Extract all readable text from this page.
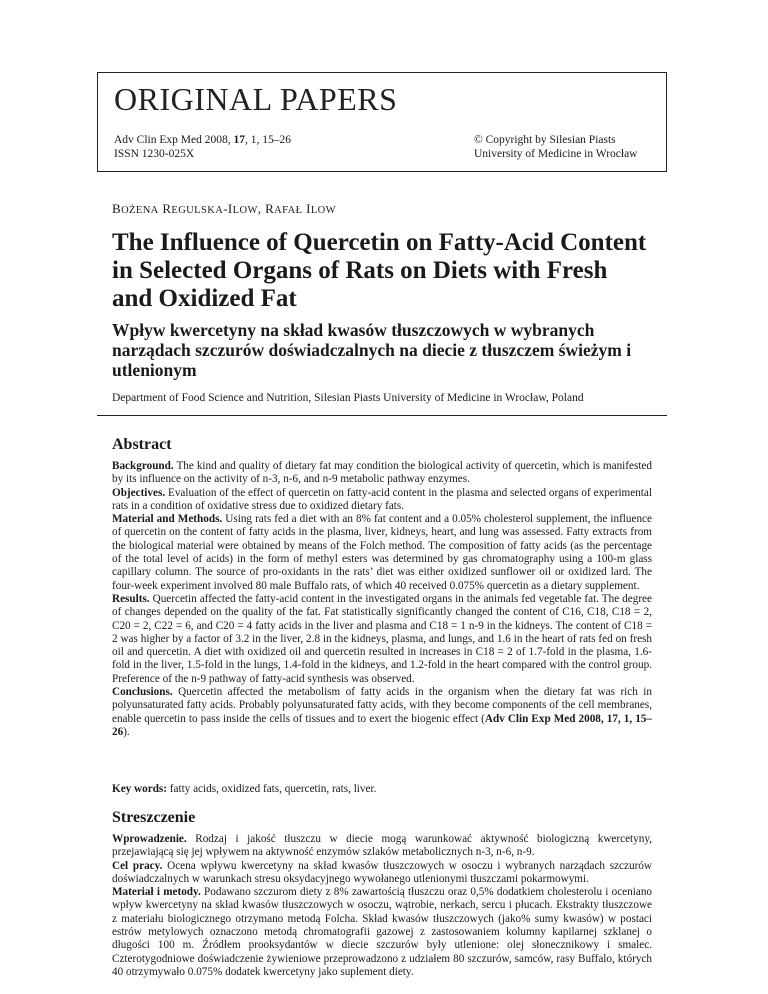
ORIGINAL PAPERS
Adv Clin Exp Med 2008, 17, 1, 15–26
ISSN 1230-025X
© Copyright by Silesian Piasts
University of Medicine in Wrocław
BOŻENA REGULSKA-ILOW, RAFAŁ ILOW
The Influence of Quercetin on Fatty-Acid Content in Selected Organs of Rats on Diets with Fresh and Oxidized Fat
Wpływ kwercetyny na skład kwasów tłuszczowych w wybranych narządach szczurów doświadczalnych na diecie z tłuszczem świeżym i utlenionym
Department of Food Science and Nutrition, Silesian Piasts University of Medicine in Wrocław, Poland
Abstract

Background. The kind and quality of dietary fat may condition the biological activity of quercetin, which is manifested by its influence on the activity of n-3, n-6, and n-9 metabolic pathway enzymes.

Objectives. Evaluation of the effect of quercetin on fatty-acid content in the plasma and selected organs of experimental rats in a condition of oxidative stress due to oxidized dietary fats.

Material and Methods. Using rats fed a diet with an 8% fat content and a 0.05% cholesterol supplement, the influence of quercetin on the content of fatty acids in the plasma, liver, kidneys, heart, and lung was assessed. Fatty extracts from the biological material were obtained by means of the Folch method. The composition of fatty acids (as the percentage of the total level of acids) in the form of methyl esters was determined by gas chromatography using a 100-m glass capillary column. The source of pro-oxidants in the rats’ diet was either oxidized sunflower oil or oxidized lard. The four-week experiment involved 80 male Buffalo rats, of which 40 received 0.075% quercetin as a dietary supplement.

Results. Quercetin affected the fatty-acid content in the investigated organs in the animals fed vegetable fat. The degree of changes depended on the quality of the fat. Fat statistically significantly changed the content of C16, C18, C18 = 2, C20 = 2, C22 = 6, and C20 = 4 fatty acids in the liver and plasma and C18 = 1 n-9 in the kidneys. The content of C18 = 2 was higher by a factor of 3.2 in the liver, 2.8 in the kidneys, plasma, and lungs, and 1.6 in the heart of rats fed on fresh oil and quercetin. A diet with oxidized oil and quercetin resulted in increases in C18 = 2 of 1.7-fold in the plasma, 1.6-fold in the liver, 1.5-fold in the lungs, 1.4-fold in the kidneys, and 1.2-fold in the heart compared with the control group. Preference of the n-9 pathway of fatty-acid synthesis was observed.

Conclusions. Quercetin affected the metabolism of fatty acids in the organism when the dietary fat was rich in polyunsaturated fatty acids. Probably polyunsaturated fatty acids, with they become components of the cell membranes, enable quercetin to pass inside the cells of tissues and to exert the biogenic effect (Adv Clin Exp Med 2008, 17, 1, 15–26).

Key words: fatty acids, oxidized fats, quercetin, rats, liver.
Streszczenie

Wprowadzenie. Rodzaj i jakość tłuszczu w diecie mogą warunkować aktywność biologiczną kwercetyny, przejawiającą się jej wpływem na aktywność enzymów szlaków metabolicznych n-3, n-6, n-9.

Cel pracy. Ocena wpływu kwercetyny na skład kwasów tłuszczowych w osoczu i wybranych narządach szczurów doświadczalnych w warunkach stresu oksydacyjnego wywołanego utlenionymi tłuszczami pokarmowymi.

Materiał i metody. Podawano szczurom diety z 8% zawartością tłuszczu oraz 0,5% dodatkiem cholesterolu i oceniano wpływ kwercetyny na skład kwasów tłuszczowych w osoczu, wątrobie, nerkach, sercu i płucach. Ekstrakty tłuszczowe z materiału biologicznego otrzymano metodą Folcha. Skład kwasów tłuszczowych (jako% sumy kwasów) w postaci estrów metylowych oznaczono metodą chromatografii gazowej z zastosowaniem kolumny kapilarnej szklanej o długości 100 m. Źródłem prooksydantów w diecie szczurów były utlenione: olej słonecznikowy i smalec. Czterotygodniowe doświadczenie żywieniowe przeprowadzono z udziałem 80 szczurów, samców, rasy Buffalo, których 40 otrzymywało 0.075% dodatek kwercetyny jako suplement diety.
